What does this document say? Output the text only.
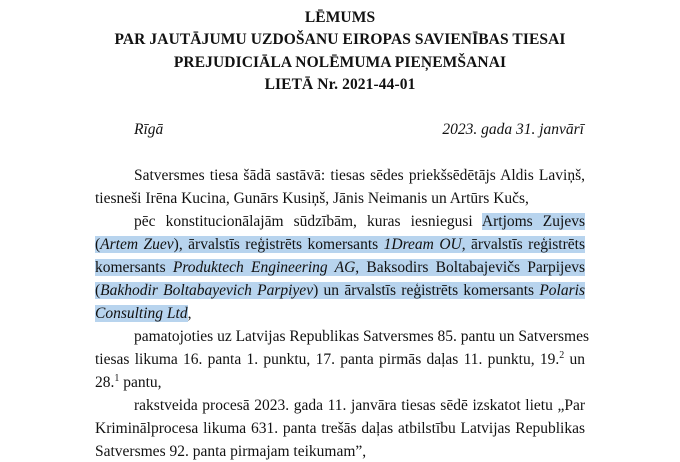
LĒMUMS
PAR JAUTĀJUMU UZDOŠANU EIROPAS SAVIENĪBAS TIESAI
PREJUDICIĀLA NOLĒMUMA PIEŅEMŠANAI
LIETĀ Nr. 2021-44-01
Rīgā	2023. gada 31. janvārī
Satversmes tiesa šādā sastāvā: tiesas sēdes priekšsēdētājs Aldis Laviņš,
tiesneši Irēna Kucina, Gunārs Kusiņš, Jānis Neimanis un Artūrs Kučs,
pēc konstitucionālajām sūdzībām, kuras iesniegusi Artjoms Zujevs
(Artem Zuev), ārvalstīs reģistrēts komersants 1Dream OU, ārvalstīs reģistrēts
komersants Produktech Engineering AG, Baksodirs Boltabajevičs Parpijevs
(Bakhodir Boltabayevich Parpiyev) un ārvalstīs reģistrēts komersants Polaris
Consulting Ltd,
pamatojoties uz Latvijas Republikas Satversmes 85. pantu un Satversmes
tiesas likuma 16. panta 1. punktu, 17. panta pirmās daļas 11. punktu, 19.$^2$ un
28.$^1$ pantu,
rakstveida procesā 2023. gada 11. janvāra tiesas sēdē izskatot lietu „Par
Kriminālprocesa likuma 631. panta trešās daļas atbilstību Latvijas Republikas
Satversmes 92. panta pirmajam teikumam”,
